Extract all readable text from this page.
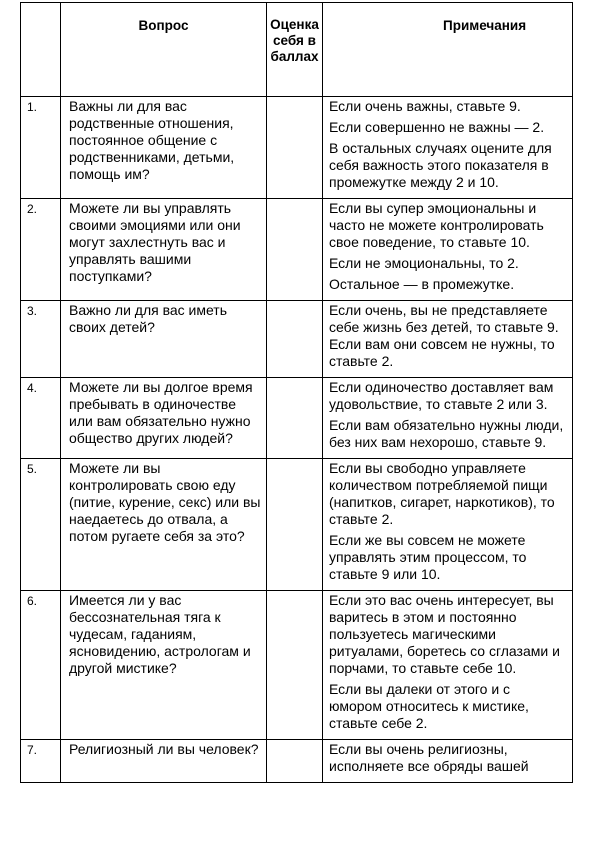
	Вопрос	Оценка себя в баллах	Примечания
1.	Важны ли для вас родственные отношения, постоянное общение с родственниками, детьми, помощь им?		Если очень важны, ставьте 9.
Если совершенно не важны — 2.
В остальных случаях оцените для себя важность этого показателя в промежутке между 2 и 10.

2.	Можете ли вы управлять своими эмоциями или они могут захлестнуть вас и управлять вашими поступками?		Если вы супер эмоциональны и часто не можете контролировать свое поведение, то ставьте 10.
Если не эмоциональны, то 2.
Остальное — в промежутке.

3.	Важно ли для вас иметь своих детей?		Если очень, вы не представляете себе жизнь без детей, то ставьте 9. Если вам они совсем не нужны, то ставьте 2.

4.	Можете ли вы долгое время пребывать в одиночестве или вам обязательно нужно общество других людей?		Если одиночество доставляет вам удовольствие, то ставьте 2 или 3.
Если вам обязательно нужны люди, без них вам нехорошо, ставьте 9.

5.	Можете ли вы контролировать свою еду (питие, курение, секс) или вы наедаетесь до отвала, а потом ругаете себя за это?		Если вы свободно управляете количеством потребляемой пищи (напитков, сигарет, наркотиков), то ставьте 2.
Если же вы совсем не можете управлять этим процессом, то ставьте 9 или 10.

6.	Имеется ли у вас бессознательная тяга к чудесам, гаданиям, ясновидению, астрологам и другой мистике?		Если это вас очень интересует, вы варитесь в этом и постоянно пользуетесь магическими ритуалами, боретесь со сглазами и порчами, то ставьте себе 10.
Если вы далеки от этого и с юмором относитесь к мистике, ставьте себе 2.

7.	Религиозный ли вы человек?		Если вы очень религиозны, исполняете все обряды вашей
